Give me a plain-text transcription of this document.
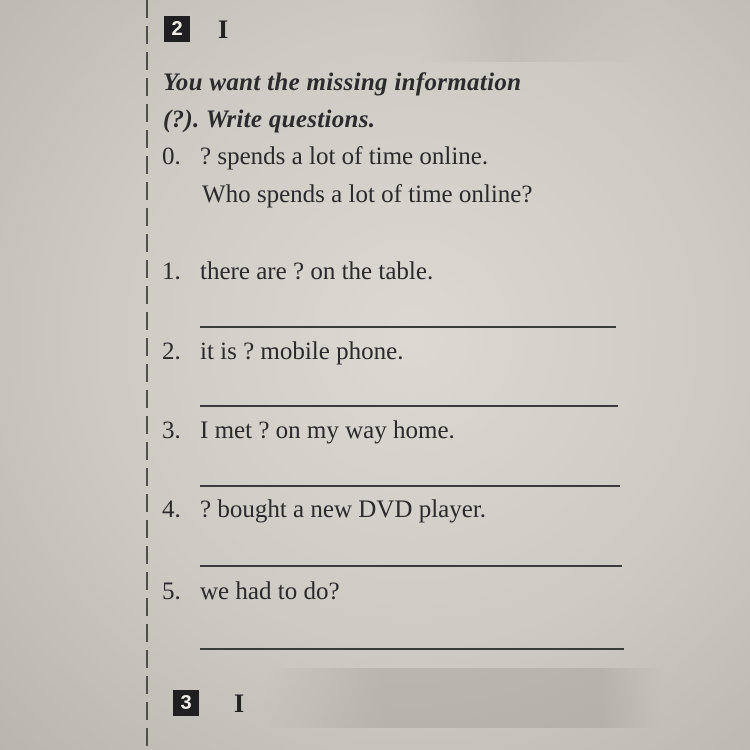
2 I
You want the missing information
(?). Write questions.
0. ? spends a lot of time online.
Who spends a lot of time online?
1. there are ? on the table.
2. it is ? mobile phone.
3. I met ? on my way home.
4. ? bought a new DVD player.
5. we had to do?
3 I
